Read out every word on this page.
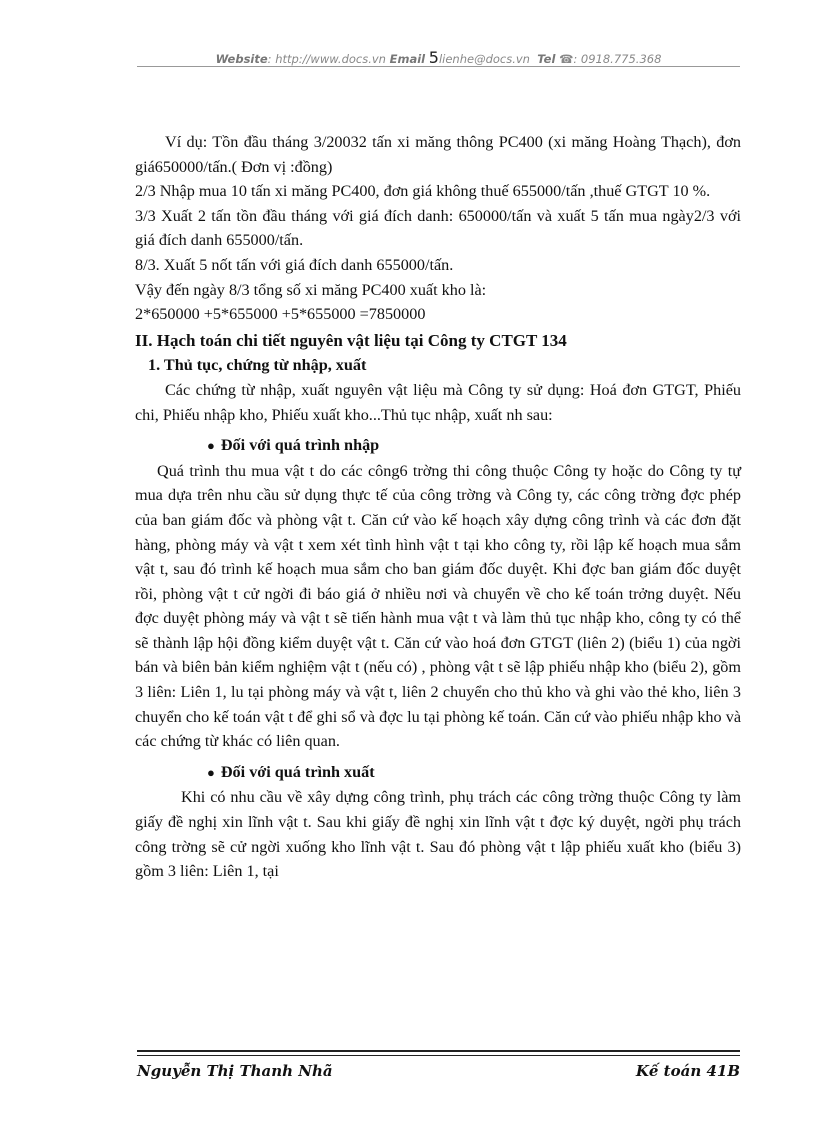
Website: http://www.docs.vn Email 5lienhe@docs.vn Tel ☎: 0918.775.368

Ví dụ: Tồn đầu tháng 3/20032 tấn xi măng thông PC400 (xi măng Hoàng Thạch), đơn giá650000/tấn.( Đơn vị :đồng)

2/3 Nhập mua 10 tấn xi măng PC400, đơn giá không thuế 655000/tấn ,thuế GTGT 10 %.

3/3 Xuất 2 tấn tồn đầu tháng với giá đích danh: 650000/tấn và xuất 5 tấn mua ngày2/3 với giá đích danh 655000/tấn.

8/3. Xuất 5 nốt tấn với giá đích danh 655000/tấn.

Vậy đến ngày 8/3 tổng số xi măng PC400 xuất kho là:

2*650000 +5*655000 +5*655000 =7850000

II. Hạch toán chi tiết nguyên vật liệu tại Công ty CTGT 134

1. Thủ tục, chứng từ nhập, xuất

Các chứng từ nhập, xuất nguyên vật liệu mà Công ty sử dụng: Hoá đơn GTGT, Phiếu chi, Phiếu nhập kho, Phiếu xuất kho...Thủ tục nhập, xuất nh sau:

● Đối với quá trình nhập

Quá trình thu mua vật t do các công6 trờng thi công thuộc Công ty hoặc do Công ty tự mua dựa trên nhu cầu sử dụng thực tế của công trờng và Công ty, các công trờng đợc phép của ban giám đốc và phòng vật t. Căn cứ vào kế hoạch xây dựng công trình và các đơn đặt hàng, phòng máy và vật t xem xét tình hình vật t tại kho công ty, rồi lập kế hoạch mua sắm vật t, sau đó trình kế hoạch mua sắm cho ban giám đốc duyệt. Khi đợc ban giám đốc duyệt rồi, phòng vật t cử ngời đi báo giá ở nhiều nơi và chuyển về cho kế toán trởng duyệt. Nếu đợc duyệt phòng máy và vật t sẽ tiến hành mua vật t và làm thủ tục nhập kho, công ty có thể sẽ thành lập hội đồng kiểm duyệt vật t. Căn cứ vào hoá đơn GTGT (liên 2) (biểu 1) của ngời bán và biên bản kiểm nghiệm vật t (nếu có) , phòng vật t sẽ lập phiếu nhập kho (biểu 2), gồm 3 liên: Liên 1, lu tại phòng máy và vật t, liên 2 chuyển cho thủ kho và ghi vào thẻ kho, liên 3 chuyển cho kế toán vật t để ghi sổ và đợc lu tại phòng kế toán. Căn cứ vào phiếu nhập kho và các chứng từ khác có liên quan.

● Đối với quá trình xuất

Khi có nhu cầu về xây dựng công trình, phụ trách các công trờng thuộc Công ty làm giấy đề nghị xin lĩnh vật t. Sau khi giấy đề nghị xin lĩnh vật t đợc ký duyệt, ngời phụ trách công trờng sẽ cử ngời xuống kho lĩnh vật t. Sau đó phòng vật t lập phiếu xuất kho (biểu 3) gồm 3 liên: Liên 1, tại

Nguyễn Thị Thanh Nhã	Kế toán 41B
